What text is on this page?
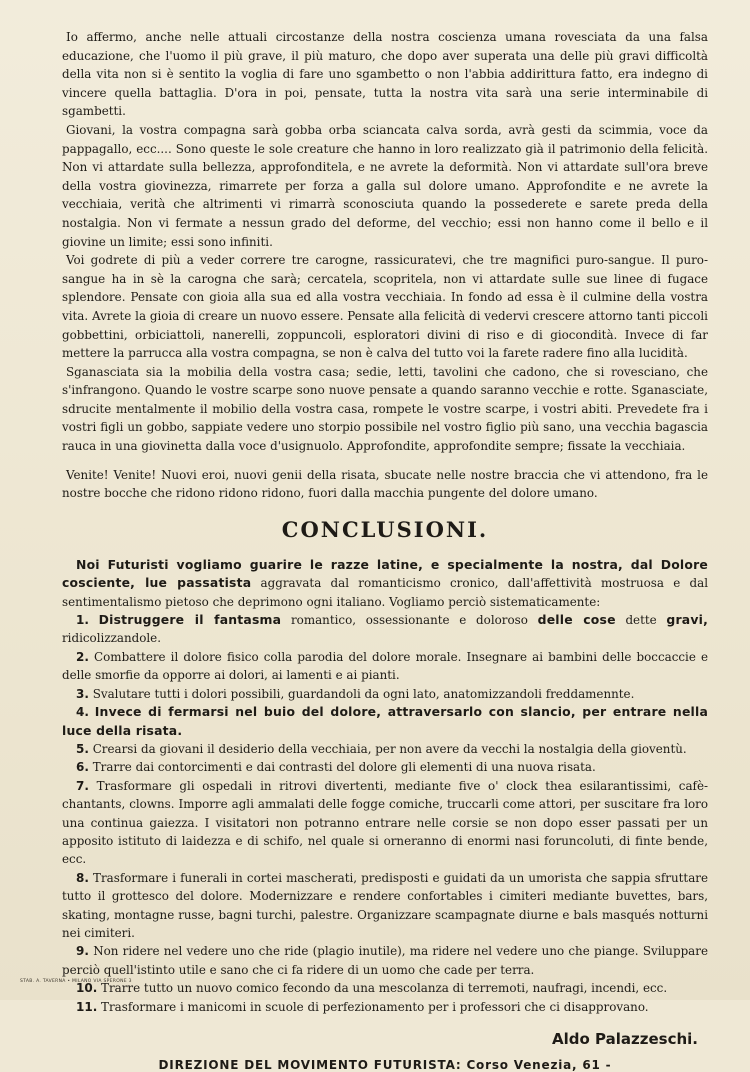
Io affermo, anche nelle attuali circostanze della nostra coscienza umana rovesciata da una falsa educazione, che l'uomo il più grave, il più maturo, che dopo aver superata una delle più gravi difficoltà della vita non si è sentito la voglia di fare uno sgambetto o non l'abbia addirittura fatto, era indegno di vincere quella battaglia. D'ora in poi, pensate, tutta la nostra vita sarà una serie interminabile di sgambetti.

Giovani, la vostra compagna sarà gobba orba sciancata calva sorda, avrà gesti da scimmia, voce da pappagallo, ecc.... Sono queste le sole creature che hanno in loro realizzato già il patrimonio della felicità. Non vi attardate sulla bellezza, approfonditela, e ne avrete la deformità. Non vi attardate sull'ora breve della vostra giovinezza, rimarrete per forza a galla sul dolore umano. Approfondite e ne avrete la vecchiaia, verità che altrimenti vi rimarrà sconosciuta quando la possederete e sarete preda della nostalgia. Non vi fermate a nessun grado del deforme, del vecchio; essi non hanno come il bello e il giovine un limite; essi sono infiniti.

Voi godrete di più a veder correre tre carogne, rassicuratevi, che tre magnifici puro-sangue. Il puro-sangue ha in sè la carogna che sarà; cercatela, scopritela, non vi attardate sulle sue linee di fugace splendore. Pensate con gioia alla sua ed alla vostra vecchiaia. In fondo ad essa è il culmine della vostra vita. Avrete la gioia di creare un nuovo essere. Pensate alla felicità di vedervi crescere attorno tanti piccoli gobbettini, orbiciattoli, nanerelli, zoppuncoli, esploratori divini di riso e di giocondità. Invece di far mettere la parrucca alla vostra compagna, se non è calva del tutto voi la farete radere fino alla lucidità.

Sganasciata sia la mobilia della vostra casa; sedie, letti, tavolini che cadono, che si rovesciano, che s'infrangono. Quando le vostre scarpe sono nuove pensate a quando saranno vecchie e rotte. Sganasciate, sdrucite mentalmente il mobilio della vostra casa, rompete le vostre scarpe, i vostri abiti. Prevedete fra i vostri figli un gobbo, sappiate vedere uno storpio possibile nel vostro figlio più sano, una vecchia bagascia rauca in una giovinetta dalla voce d'usignuolo. Approfondite, approfondite sempre; fissate la vecchiaia.

Venite! Venite! Nuovi eroi, nuovi genii della risata, sbucate nelle nostre braccia che vi attendono, fra le nostre bocche che ridono ridono ridono, fuori dalla macchia pungente del dolore umano.

CONCLUSIONI.

Noi Futuristi vogliamo guarire le razze latine, e specialmente la nostra, dal Dolore cosciente, lue passatista aggravata dal romanticismo cronico, dall'affettività mostruosa e dal sentimentalismo pietoso che deprimono ogni italiano. Vogliamo perciò sistematicamente:

1. Distruggere il fantasma romantico, ossessionante e doloroso delle cose dette gravi, ridicolizzandole.

2. Combattere il dolore fisico colla parodia del dolore morale. Insegnare ai bambini delle boccaccie e delle smorfie da opporre ai dolori, ai lamenti e ai pianti.

3. Svalutare tutti i dolori possibili, guardandoli da ogni lato, anatomizzandoli freddamennte.

4. Invece di fermarsi nel buio del dolore, attraversarlo con slancio, per entrare nella luce della risata.

5. Crearsi da giovani il desiderio della vecchiaia, per non avere da vecchi la nostalgia della gioventù.

6. Trarre dai contorcimenti e dai contrasti del dolore gli elementi di una nuova risata.

7. Trasformare gli ospedali in ritrovi divertenti, mediante five o' clock thea esilarantissimi, cafè-chantants, clowns. Imporre agli ammalati delle fogge comiche, truccarli come attori, per suscitare fra loro una continua gaiezza. I visitatori non potranno entrare nelle corsie se non dopo esser passati per un apposito istituto di laidezza e di schifo, nel quale si orneranno di enormi nasi foruncoluti, di finte bende, ecc.

8. Trasformare i funerali in cortei mascherati, predisposti e guidati da un umorista che sappia sfruttare tutto il grottesco del dolore. Modernizzare e rendere confortables i cimiteri mediante buvettes, bars, skating, montagne russe, bagni turchi, palestre. Organizzare scampagnate diurne e bals masqués notturni nei cimiteri.

9. Non ridere nel vedere uno che ride (plagio inutile), ma ridere nel vedere uno che piange. Sviluppare perciò quell'istinto utile e sano che ci fa ridere di un uomo che cade per terra.

10. Trarre tutto un nuovo comico fecondo da una mescolanza di terremoti, naufragi, incendi, ecc.

11. Trasformare i manicomi in scuole di perfezionamento per i professori che ci disapprovano.

Aldo Palazzeschi.
DIREZIONE DEL MOVIMENTO FUTURISTA: Corso Venezia, 61 -
STAB. A. TAVERNA • MILANO VIA SPERONE 3
